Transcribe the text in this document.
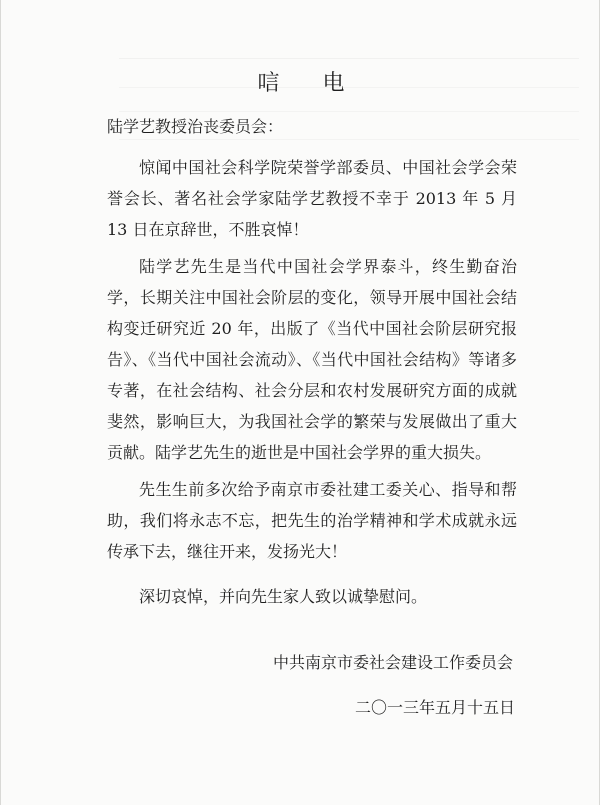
唁 电

陆学艺教授治丧委员会：

惊闻中国社会科学院荣誉学部委员、中国社会学会荣誉会长、著名社会学家陆学艺教授不幸于 2013 年 5 月 13 日在京辞世，不胜哀悼！

陆学艺先生是当代中国社会学界泰斗，终生勤奋治学，长期关注中国社会阶层的变化，领导开展中国社会结构变迁研究近 20 年，出版了《当代中国社会阶层研究报告》、《当代中国社会流动》、《当代中国社会结构》等诸多专著，在社会结构、社会分层和农村发展研究方面的成就斐然，影响巨大，为我国社会学的繁荣与发展做出了重大贡献。陆学艺先生的逝世是中国社会学界的重大损失。

先生生前多次给予南京市委社建工委关心、指导和帮助，我们将永志不忘，把先生的治学精神和学术成就永远传承下去，继往开来，发扬光大！

深切哀悼，并向先生家人致以诚挚慰问。

中共南京市委社会建设工作委员会

二〇一三年五月十五日
